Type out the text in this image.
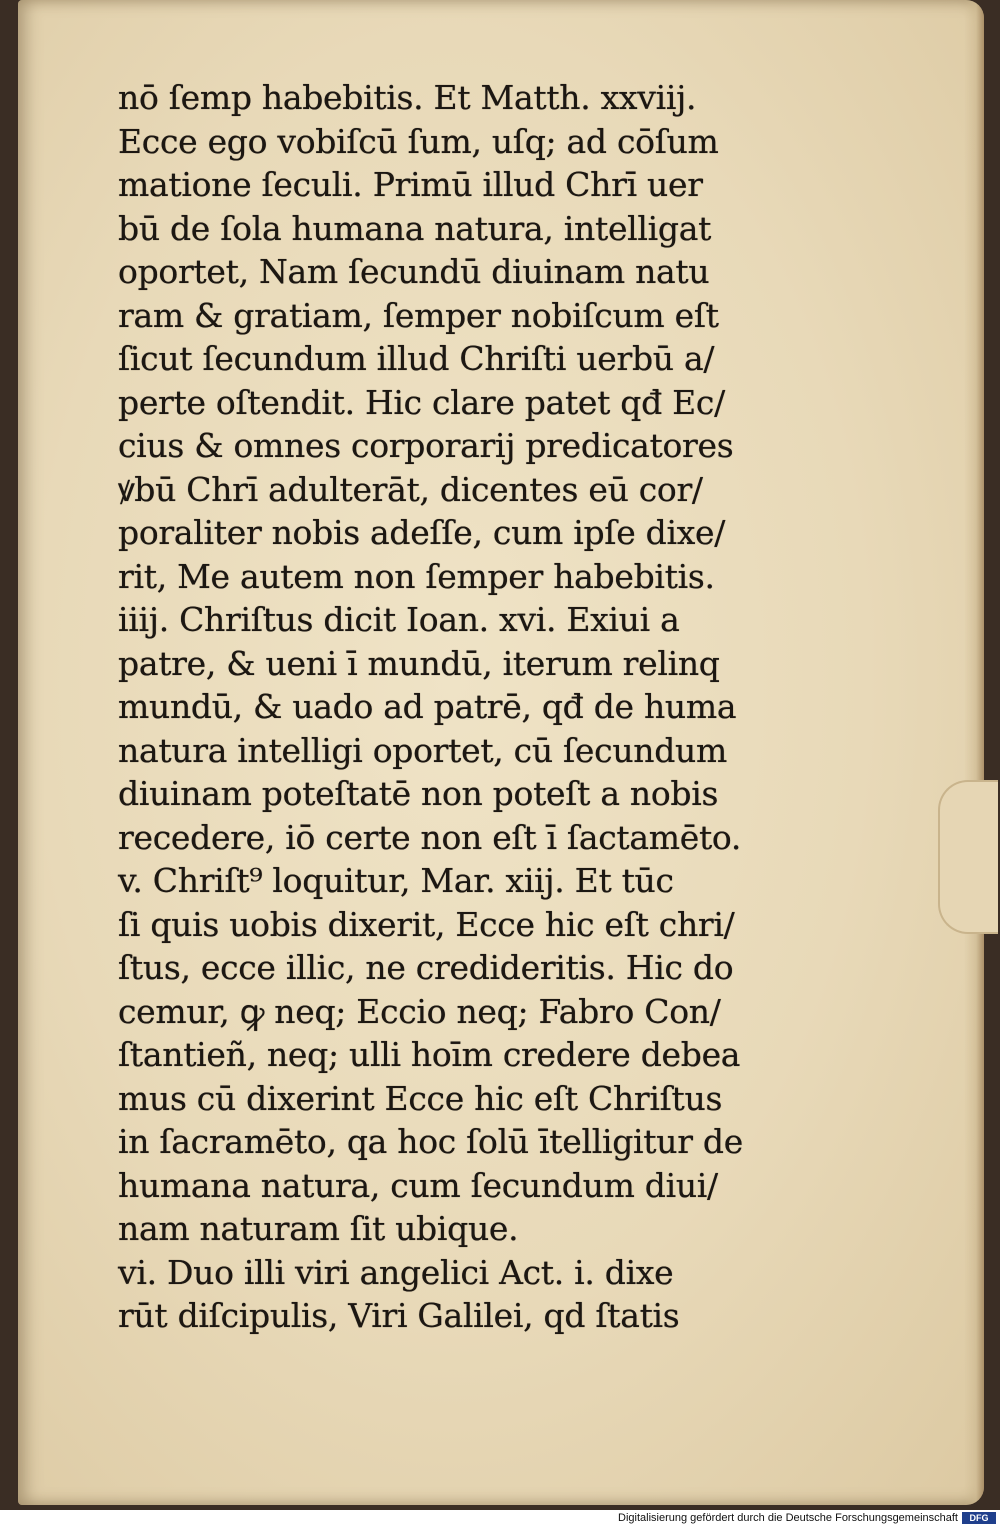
nō ſemp habebitis. Et Matth. xxviij.
Ecce ego vobiſcū ſum, uſq; ad cōſum
matione ſeculi. Primū illud Chrī uer
bū de ſola humana natura, intelligat
oportet, Nam ſecundū diuinam natu
ram & gratiam, ſemper nobiſcum eſt
ſicut ſecundum illud Chriſti uerbū a/
perte oſtendit. Hic clare patet qđ Ec/
cius & omnes corporarij predicatores
ꝟbū Chrī adulterāt, dicentes eū cor/
poraliter nobis adeſſe, cum ipſe dixe/
rit, Me autem non ſemper habebitis.
iiij. Chriſtus dicit Ioan. xvi. Exiui a
patre, & ueni ī mundū, iterum relinq
mundū, & uado ad patrē, qđ de huma
natura intelligi oportet, cū ſecundum
diuinam poteſtatē non poteſt a nobis
recedere, iō certe non eſt ī ſactamēto.
v. Chriſt⁹ loquitur, Mar. xiij. Et tūc
ſi quis uobis dixerit, Ecce hic eſt chri/
ſtus, ecce illic, ne credideritis. Hic do
cemur, ꝙ neq; Eccio neq; Fabro Con/
ſtantieñ, neq; ulli hoīm credere debea
mus cū dixerint Ecce hic eſt Chriſtus
in ſacramēto, qa hoc ſolū ītelligitur de
humana natura, cum ſecundum diui/
nam naturam ſit ubique.
vi. Duo illi viri angelici Act. i. dixe
rūt diſcipulis, Viri Galilei, qd ſtatis
Digitalisierung gefördert durch die Deutsche Forschungsgemeinschaft	DFG
